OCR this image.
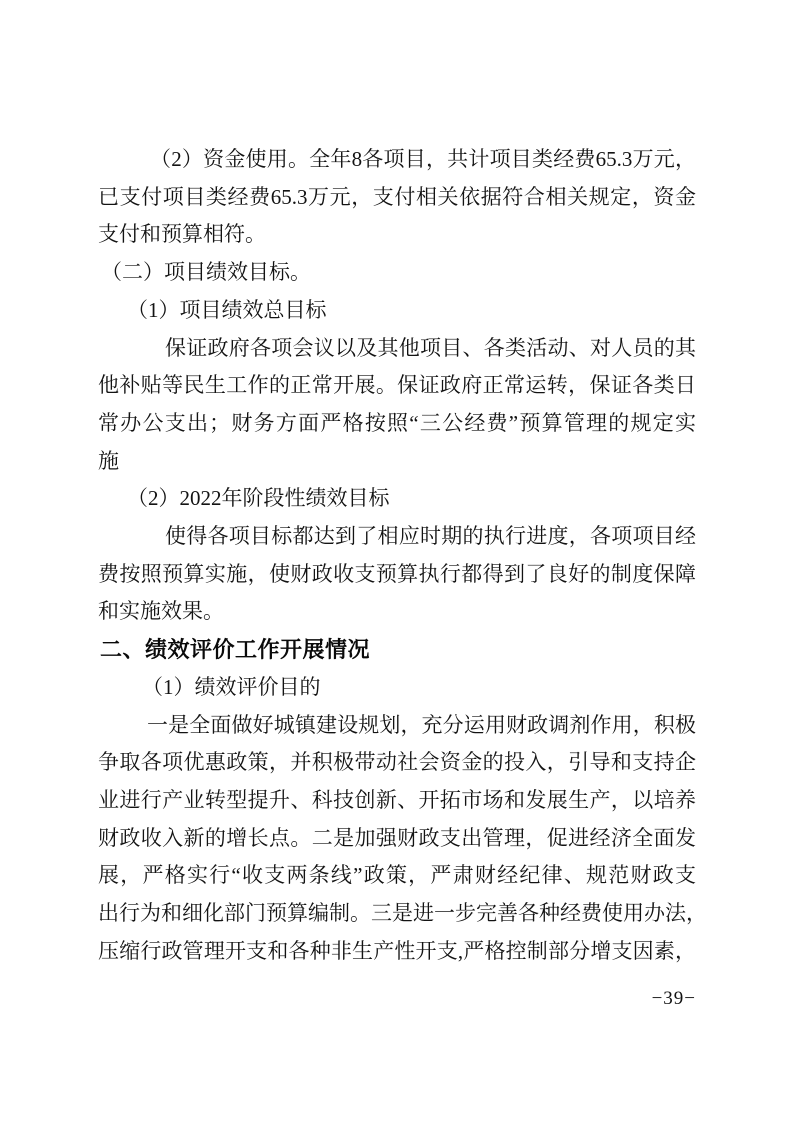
（2）资金使用。全年8各项目，共计项目类经费65.3万元，
已支付项目类经费65.3万元，支付相关依据符合相关规定，资金
支付和预算相符。
（二）项目绩效目标。
（1）项目绩效总目标
保证政府各项会议以及其他项目、各类活动、对人员的其
他补贴等民生工作的正常开展。保证政府正常运转，保证各类日
常办公支出；财务方面严格按照“三公经费”预算管理的规定实
施
（2）2022年阶段性绩效目标
使得各项目标都达到了相应时期的执行进度，各项项目经
费按照预算实施，使财政收支预算执行都得到了良好的制度保障
和实施效果。
二、绩效评价工作开展情况
（1）绩效评价目的
一是全面做好城镇建设规划，充分运用财政调剂作用，积极
争取各项优惠政策，并积极带动社会资金的投入，引导和支持企
业进行产业转型提升、科技创新、开拓市场和发展生产，以培养
财政收入新的增长点。二是加强财政支出管理，促进经济全面发
展，严格实行“收支两条线”政策，严肃财经纪律、规范财政支
出行为和细化部门预算编制。三是进一步完善各种经费使用办法，
压缩行政管理开支和各种非生产性开支,严格控制部分增支因素，
−39−
